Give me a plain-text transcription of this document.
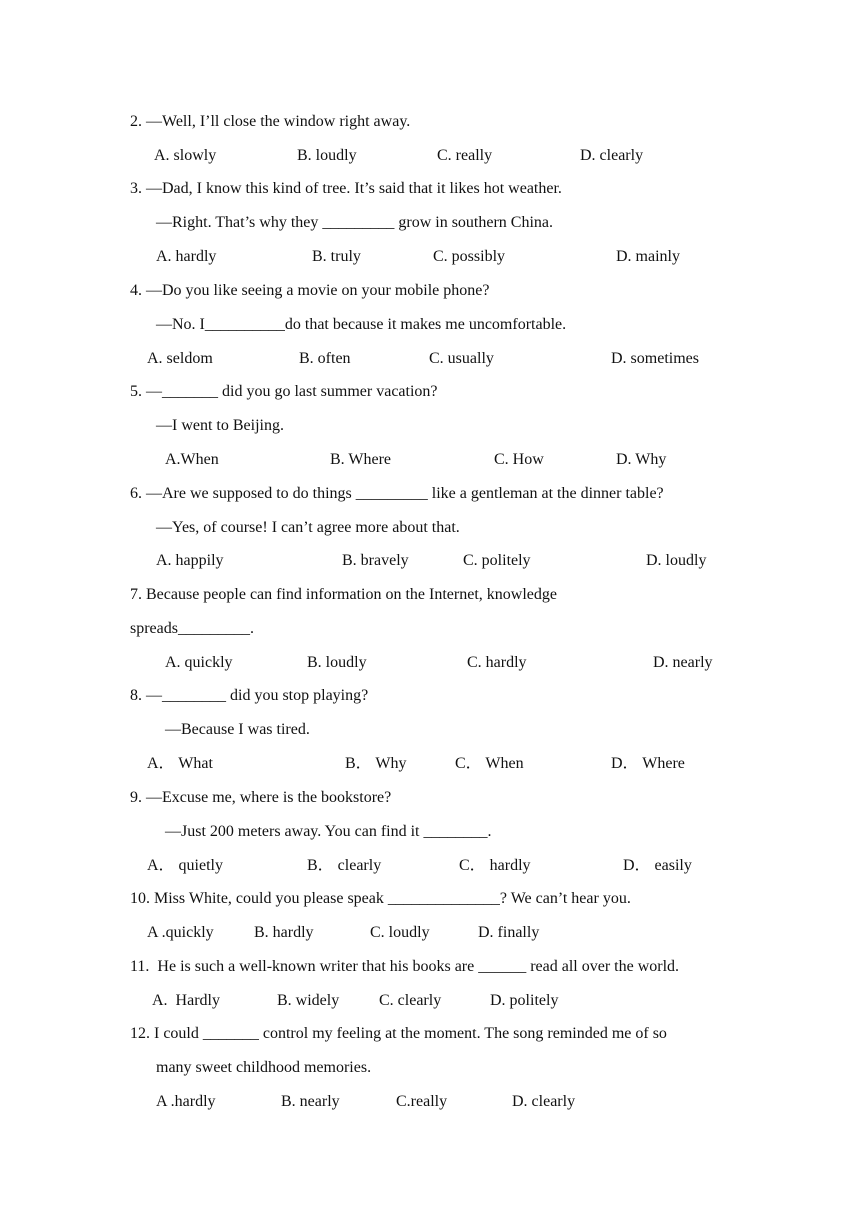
2. —Well, I’ll close the window right away.
A. slowly	B. loudly	C. really	D. clearly
3. —Dad, I know this kind of tree. It’s said that it likes hot weather.
—Right. That’s why they _________ grow in southern China.
A. hardly	B. truly	C. possibly	D. mainly
4. —Do you like seeing a movie on your mobile phone?
—No. I__________do that because it makes me uncomfortable.
A. seldom	B. often	C. usually	D. sometimes
5. —_______ did you go last summer vacation?
—I went to Beijing.
A.When	B. Where	C. How	D. Why
6. —Are we supposed to do things _________ like a gentleman at the dinner table?
—Yes, of course! I can’t agree more about that.
A. happily	B. bravely	C. politely	D. loudly
7. Because people can find information on the Internet, knowledge
spreads_________.
A. quickly	B. loudly	C. hardly	D. nearly
8. —________ did you stop playing?
—Because I was tired.
A． What	B． Why	C． When	D． Where
9. —Excuse me, where is the bookstore?
—Just 200 meters away. You can find it ________.
A． quietly	B． clearly	C． hardly	D． easily
10. Miss White, could you please speak ______________? We can’t hear you.
A .quickly	B. hardly	C. loudly	D. finally
11.  He is such a well-known writer that his books are ______ read all over the world.
A.  Hardly	B. widely C. clearly	D. politely
12. I could _______ control my feeling at the moment. The song reminded me of so
many sweet childhood memories.
A .hardly	B. nearly	C.really	D. clearly
